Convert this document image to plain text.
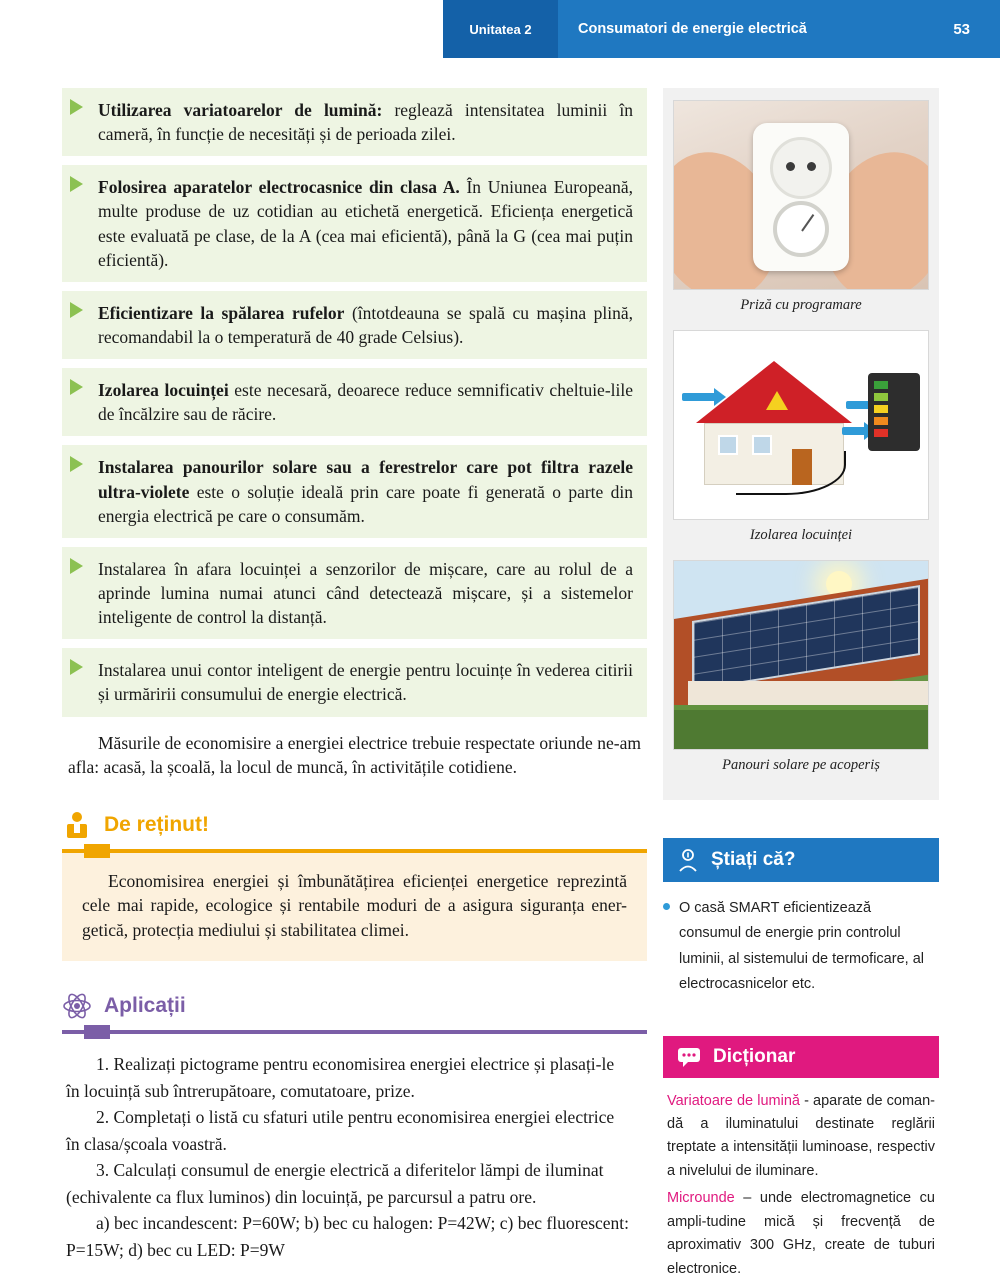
Unitatea 2	Consumatori de energie electrică	53
Utilizarea variatoarelor de lumină: reglează intensitatea luminii în cameră, în funcție de necesități și de perioada zilei.
Folosirea aparatelor electrocasnice din clasa A. În Uniunea Europeană, multe produse de uz cotidian au etichetă energetică. Eficiența energetică este evaluată pe clase, de la A (cea mai eficientă), până la G (cea mai puțin eficientă).
Eficientizare la spălarea rufelor (întotdeauna se spală cu mașina plină, recomandabil la o temperatură de 40 grade Celsius).
Izolarea locuinței este necesară, deoarece reduce semnificativ cheltuie-lile de încălzire sau de răcire.
Instalarea panourilor solare sau a ferestrelor care pot filtra razele ultra-violete este o soluție ideală prin care poate fi generată o parte din energia electrică pe care o consumăm.
Instalarea în afara locuinței a senzorilor de mișcare, care au rolul de a aprinde lumina numai atunci când detectează mișcare, și a sistemelor inteligente de control la distanță.
Instalarea unui contor inteligent de energie pentru locuințe în vederea citirii și urmăririi consumului de energie electrică.

Măsurile de economisire a energiei electrice trebuie respectate oriunde ne-am afla: acasă, la școală, la locul de muncă, în activitățile cotidiene.

De reținut!
Economisirea energiei și îmbunătățirea eficienței energetice reprezintă cele mai rapide, ecologice și rentabile moduri de a asigura siguranța ener-getică, protecția mediului și stabilitatea climei.
Aplicații

1. Realizați pictograme pentru economisirea energiei electrice și plasați-le

în locuință sub întrerupătoare, comutatoare, prize.

2. Completați o listă cu sfaturi utile pentru economisirea energiei electrice

în clasa/școala voastră.

3. Calculați consumul de energie electrică a diferitelor lămpi de iluminat

(echivalente ca flux luminos) din locuință, pe parcursul a patru ore.

a) bec incandescent: P=60W; b) bec cu halogen: P=42W; c) bec fluorescent:

P=15W; d) bec cu LED: P=9W

Priză cu programare
Izolarea locuinței
Panouri solare pe acoperiș
Știați că?
O casă SMART eficientizează consumul de energie prin controlul luminii, al sistemului de termoficare, al electrocasnicelor etc.
Dicționar
Variatoare de lumină - aparate de coman-dă a iluminatului destinate reglării treptate a intensității luminoase, respectiv a nivelului de iluminare.
Microunde – unde electromagnetice cu ampli-tudine mică și frecvență de aproximativ 300 GHz, create de tuburi electronice.
